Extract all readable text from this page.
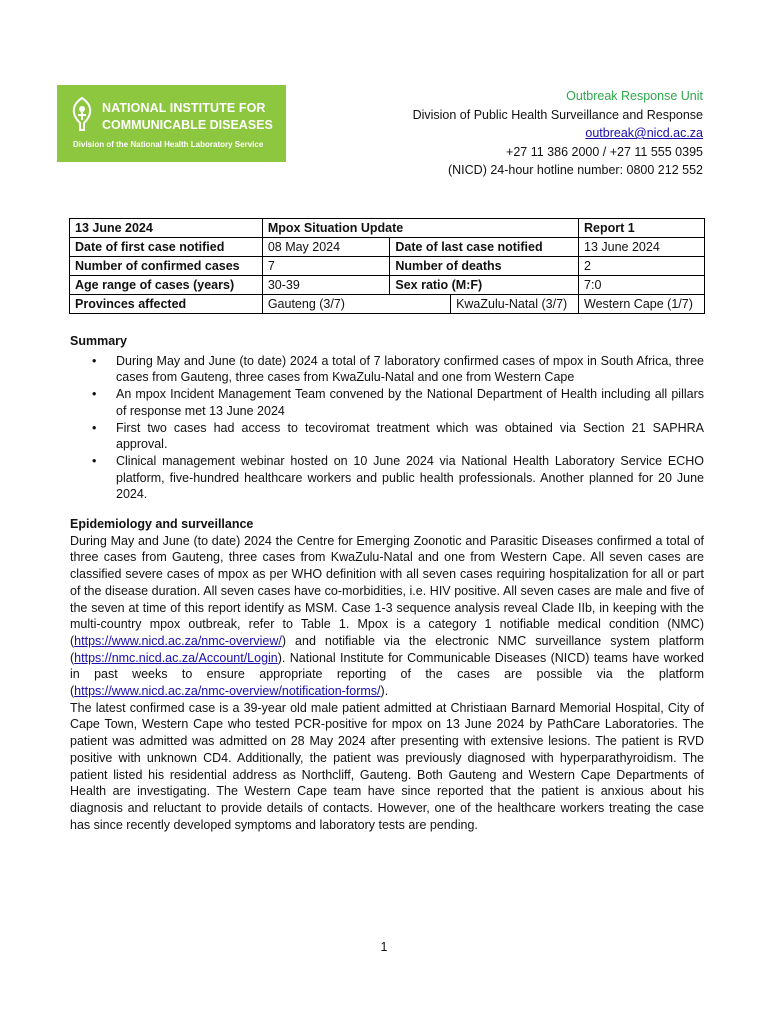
NATIONAL INSTITUTE FOR
COMMUNICABLE DISEASES
Division of the National Health Laboratory Service
Outbreak Response Unit
Division of Public Health Surveillance and Response
outbreak@nicd.ac.za
+27 11 386 2000 / +27 11 555 0395
(NICD) 24-hour hotline number: 0800 212 552
13 June 2024	Mpox Situation Update			Report 1
Date of first case notified	08 May 2024	Date of last case notified		13 June 2024
Number of confirmed cases	7	Number of deaths		2
Age range of cases (years)	30-39	Sex ratio (M:F)		7:0
Provinces affected	Gauteng (3/7)		KwaZulu-Natal (3/7)	Western Cape (1/7)
Summary
• During May and June (to date) 2024 a total of 7 laboratory confirmed cases of mpox in South Africa, three cases from Gauteng, three cases from KwaZulu-Natal and one from Western Cape
• An mpox Incident Management Team convened by the National Department of Health including all pillars of response met 13 June 2024
• First two cases had access to tecoviromat treatment which was obtained via Section 21 SAPHRA approval.
• Clinical management webinar hosted on 10 June 2024 via National Health Laboratory Service ECHO platform, five-hundred healthcare workers and public health professionals. Another planned for 20 June 2024.
Epidemiology and surveillance

During May and June (to date) 2024 the Centre for Emerging Zoonotic and Parasitic Diseases confirmed a total of three cases from Gauteng, three cases from KwaZulu-Natal and one from Western Cape. All seven cases are classified severe cases of mpox as per WHO definition with all seven cases requiring hospitalization for all or part of the disease duration. All seven cases have co-morbidities, i.e. HIV positive. All seven cases are male and five of the seven at time of this report identify as MSM. Case 1-3 sequence analysis reveal Clade IIb, in keeping with the multi-country mpox outbreak, refer to Table 1. Mpox is a category 1 notifiable medical condition (NMC) (https://www.nicd.ac.za/nmc-overview/) and notifiable via the electronic NMC surveillance system platform (https://nmc.nicd.ac.za/Account/Login). National Institute for Communicable Diseases (NICD) teams have worked in past weeks to ensure appropriate reporting of the cases are possible via the platform (https://www.nicd.ac.za/nmc-overview/notification-forms/).

The latest confirmed case is a 39-year old male patient admitted at Christiaan Barnard Memorial Hospital, City of Cape Town, Western Cape who tested PCR-positive for mpox on 13 June 2024 by PathCare Laboratories. The patient was admitted was admitted on 28 May 2024 after presenting with extensive lesions. The patient is RVD positive with unknown CD4. Additionally, the patient was previously diagnosed with hyperparathyroidism. The patient listed his residential address as Northcliff, Gauteng. Both Gauteng and Western Cape Departments of Health are investigating. The Western Cape team have since reported that the patient is anxious about his diagnosis and reluctant to provide details of contacts. However, one of the healthcare workers treating the case has since recently developed symptoms and laboratory tests are pending.

1
